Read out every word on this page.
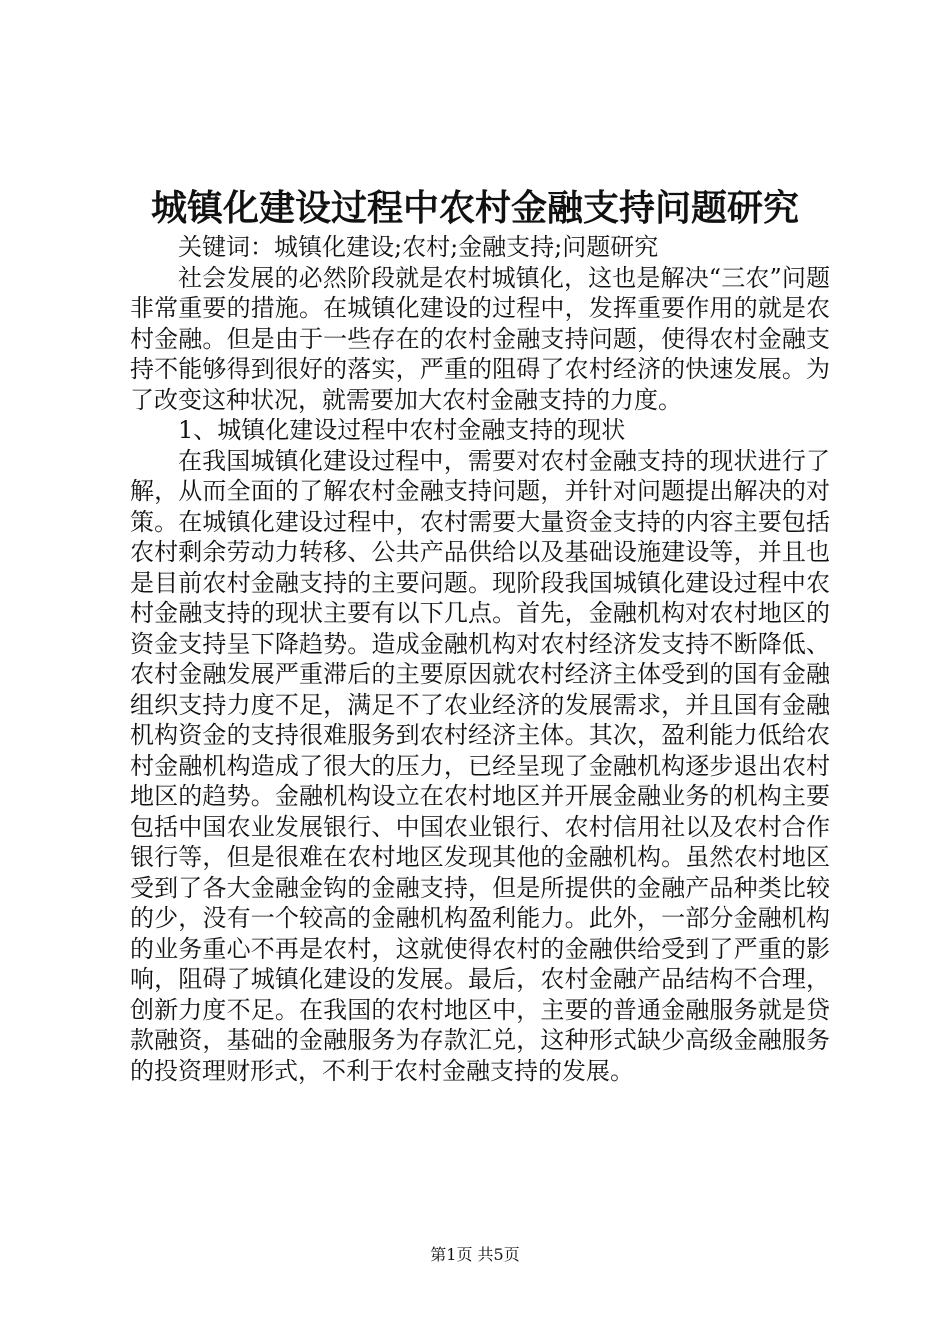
城镇化建设过程中农村金融支持问题研究

关键词：城镇化建设;农村;金融支持;问题研究

社会发展的必然阶段就是农村城镇化，这也是解决“三农”问题非常重要的措施。在城镇化建设的过程中，发挥重要作用的就是农村金融。但是由于一些存在的农村金融支持问题，使得农村金融支持不能够得到很好的落实，严重的阻碍了农村经济的快速发展。为了改变这种状况，就需要加大农村金融支持的力度。

1、城镇化建设过程中农村金融支持的现状

在我国城镇化建设过程中，需要对农村金融支持的现状进行了解，从而全面的了解农村金融支持问题，并针对问题提出解决的对策。在城镇化建设过程中，农村需要大量资金支持的内容主要包括农村剩余劳动力转移、公共产品供给以及基础设施建设等，并且也是目前农村金融支持的主要问题。现阶段我国城镇化建设过程中农村金融支持的现状主要有以下几点。首先，金融机构对农村地区的资金支持呈下降趋势。造成金融机构对农村经济发支持不断降低、农村金融发展严重滞后的主要原因就农村经济主体受到的国有金融组织支持力度不足，满足不了农业经济的发展需求，并且国有金融机构资金的支持很难服务到农村经济主体。其次，盈利能力低给农村金融机构造成了很大的压力，已经呈现了金融机构逐步退出农村地区的趋势。金融机构设立在农村地区并开展金融业务的机构主要包括中国农业发展银行、中国农业银行、农村信用社以及农村合作银行等，但是很难在农村地区发现其他的金融机构。虽然农村地区受到了各大金融金钩的金融支持，但是所提供的金融产品种类比较的少，没有一个较高的金融机构盈利能力。此外，一部分金融机构的业务重心不再是农村，这就使得农村的金融供给受到了严重的影响，阻碍了城镇化建设的发展。最后，农村金融产品结构不合理，创新力度不足。在我国的农村地区中，主要的普通金融服务就是贷款融资，基础的金融服务为存款汇兑，这种形式缺少高级金融服务的投资理财形式，不利于农村金融支持的发展。

第1页 共5页
